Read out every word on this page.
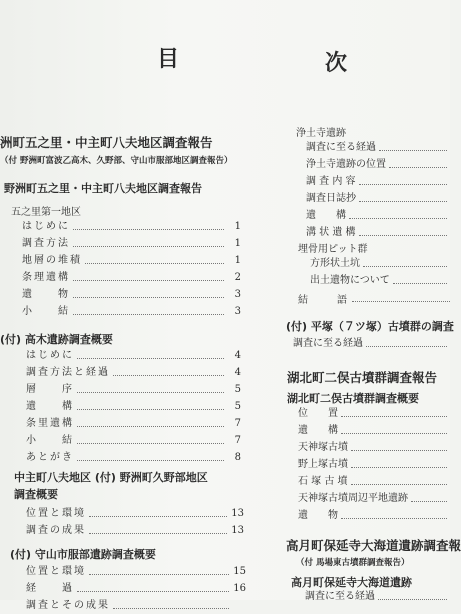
目	次
洲町五之里・中主町八夫地区調査報告
（付 野洲町富波乙高木、久野部、守山市服部地区調査報告）
野洲町五之里・中主町八夫地区調査報告
五之里第一地区
はじめに	1
調査方法	1
地層の堆積	1
条理遺構	2
遺　　物	3
小　　結	3
(付) 高木遺跡調査概要
はじめに	4
調査方法と経過	4
層　　序	5
遺　　構	5
条里遺構	7
小　　結	7
あとがき	8
中主町八夫地区 (付) 野洲町久野部地区
調査概要
位置と環境	13
調査の成果	13
(付) 守山市服部遺跡調査概要
位置と環境	15
経　　過	16
調査とその成果
浄土寺遺跡
調査に至る経過
浄土寺遺跡の位置
調 査 内 容
調査日誌抄
遺　　構
溝 状 遺 構
埋骨用ピット群
方形状土坑
出土遺物について
結　　語
(付) 平塚（７ツ塚）古墳群の調査
調査に至る経過
湖北町二俣古墳群調査報告
湖北町二俣古墳群調査概要
位　　置
遺　　構
天神塚古墳
野上塚古墳
石 塚 古 墳
天神塚古墳周辺平地遺跡
遺　　物
高月町保延寺大海道遺跡調査報
（付 馬場東古墳群調査報告）
高月町保延寺大海道遺跡
調査に至る経過
